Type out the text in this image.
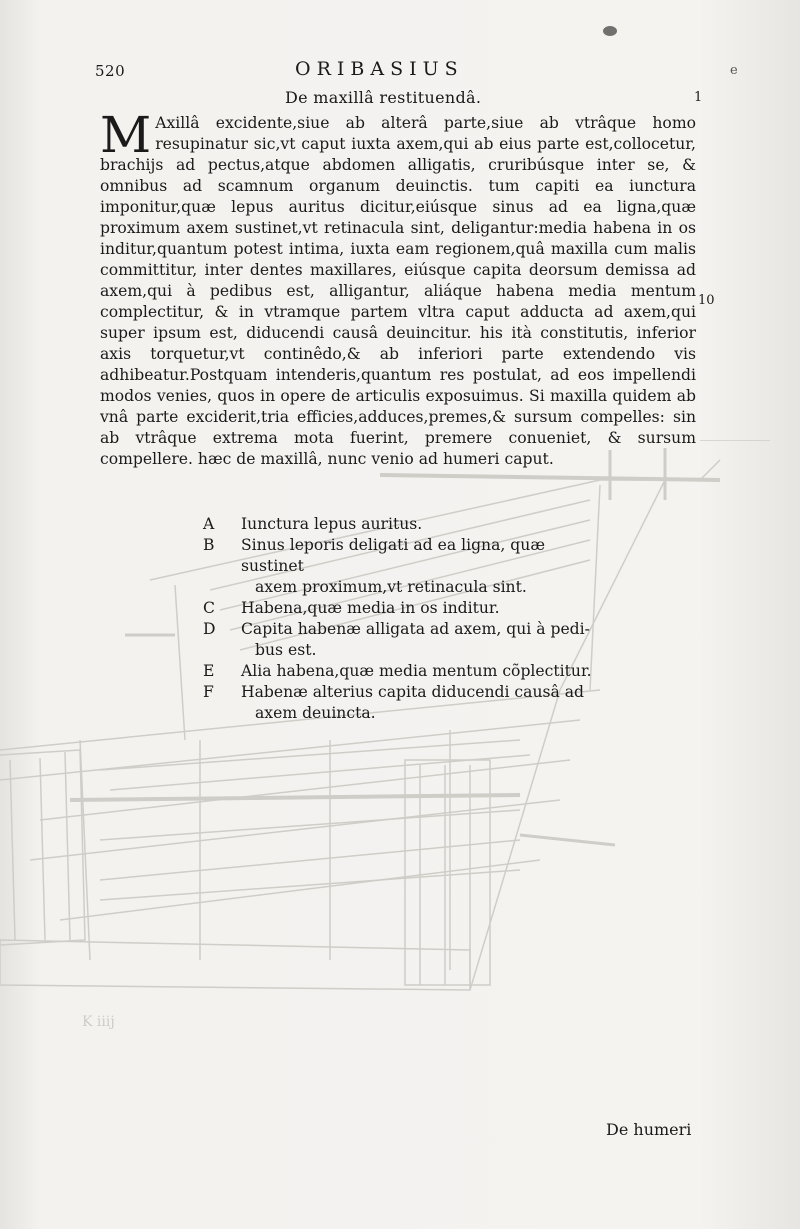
520	ORIBASIUS	e
De maxillâ restituendâ.	1
10

M Axillâ excidente,siue ab alterâ parte,siue ab vtrâque homo resupinatur sic,vt caput iuxta axem,qui ab eius parte est,collocetur, brachijs ad pectus,atque abdomen alligatis, cruribúsque inter se, & omnibus ad scamnum organum deuinctis. tum capiti ea iunctura imponitur,quæ lepus auritus dicitur,eiúsque sinus ad ea ligna,quæ proximum axem sustinet,vt retinacula sint, deligantur:media habena in os inditur,quantum potest intima, iuxta eam regionem,quâ maxilla cum malis committitur, inter dentes maxillares, eiúsque capita deorsum demissa ad axem,qui à pedibus est, alligantur, aliáque habena media mentum complectitur, & in vtramque partem vltra caput adducta ad axem,qui super ipsum est, diducendi causâ deuincitur. his ità constitutis, inferior axis torquetur,vt continêdo,& ab inferiori parte extendendo vis adhibeatur.Postquam intenderis,quantum res postulat, ad eos impellendi modos venies, quos in opere de articulis exposuimus. Si maxilla quidem ab vnâ parte exciderit,tria efficies,adduces,premes,& sursum compelles: sin ab vtrâque extrema mota fuerint, premere conueniet, & sursum compellere. hæc de maxillâ, nunc venio ad humeri caput.

A	Iunctura lepus auritus.
B	Sinus leporis deligati ad ea ligna, quæ sustinet
axem proximum,vt retinacula sint.
C	Habena,quæ media in os inditur.
D	Capita habenæ alligata ad axem, qui à pedi-
bus est.
E	Alia habena,quæ media mentum cõplectitur.
F	Habenæ alterius capita diducendi causâ ad
axem deuincta.
K iiij
De humeri
